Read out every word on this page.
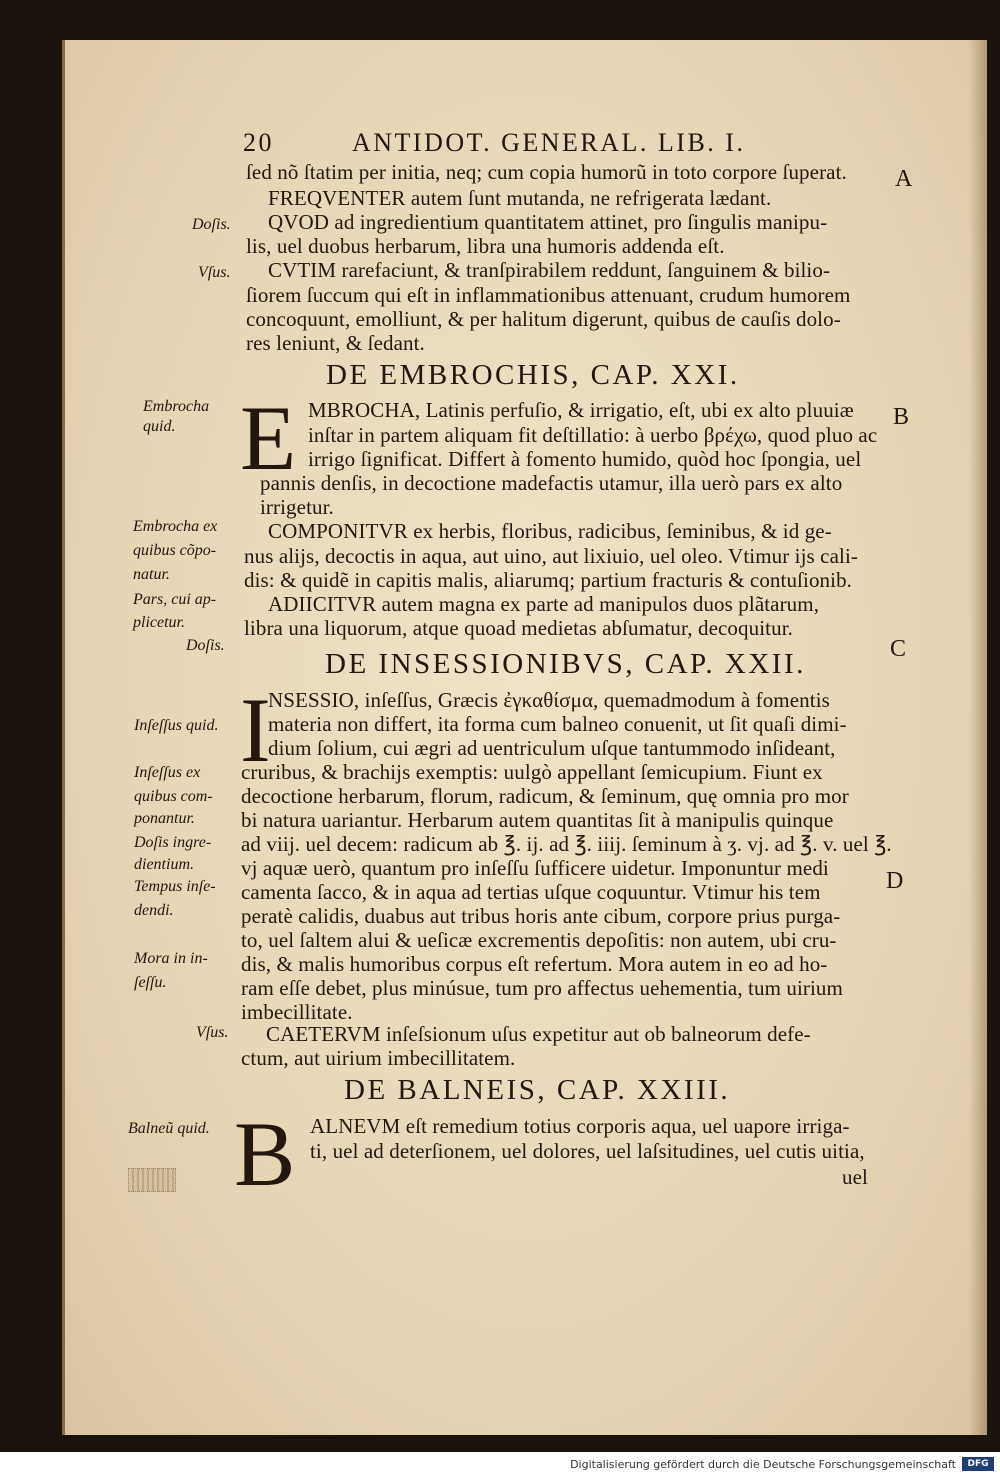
20	ANTIDOT. GENERAL. LIB. I.
A
B
C
D
ſed nõ ſtatim per initia, neq; cum copia humorũ in toto corpore ſuperat.
FREQVENTER autem ſunt mutanda, ne refrigerata lædant.
QVOD ad ingredientium quantitatem attinet, pro ſingulis manipu-
lis, uel duobus herbarum, libra una humoris addenda eſt.
CVTIM rarefaciunt, & tranſpirabilem reddunt, ſanguinem & bilio-
ſiorem ſuccum qui eſt in inflammationibus attenuant, crudum humorem
concoquunt, emolliunt, & per halitum digerunt, quibus de cauſis dolo-
res leniunt, & ſedant.
Doſis.
Vſus.
DE EMBROCHIS, CAP. XXI.
E MBROCHA, Latinis perfuſio, & irrigatio, eſt, ubi ex alto pluuiæ
inſtar in partem aliquam fit deſtillatio: à uerbo βρέχω, quod pluo ac
irrigo ſignificat. Differt à fomento humido, quòd hoc ſpongia, uel
pannis denſis, in decoctione madefactis utamur, illa uerò pars ex alto
irrigetur.
COMPONITVR ex herbis, floribus, radicibus, ſeminibus, & id ge-
nus alijs, decoctis in aqua, aut uino, aut lixiuio, uel oleo. Vtimur ijs cali-
dis: & quidẽ in capitis malis, aliarumq; partium fracturis & contuſionib.
ADIICITVR autem magna ex parte ad manipulos duos plãtarum,
libra una liquorum, atque quoad medietas abſumatur, decoquitur.
Embrocha
quid.
Embrocha ex
quibus cõpo-
natur.
Pars, cui ap-
plicetur.
Doſis.
DE INSESSIONIBVS, CAP. XXII.
I
NSESSIO, inſeſſus, Græcis ἐγκαθίσμα, quemadmodum à fomentis
materia non differt, ita forma cum balneo conuenit, ut ſit quaſi dimi-
dium ſolium, cui ægri ad uentriculum uſque tantummodo inſideant,
cruribus, & brachijs exemptis: uulgò appellant ſemicupium. Fiunt ex
decoctione herbarum, florum, radicum, & ſeminum, quę omnia pro mor
bi natura uariantur. Herbarum autem quantitas ſit à manipulis quinque
ad viij. uel decem: radicum ab ℥. ij. ad ℥. iiij. ſeminum à ʒ. vj. ad ℥. v. uel ℥.
vj aquæ uerò, quantum pro inſeſſu ſufficere uidetur. Imponuntur medi
camenta ſacco, & in aqua ad tertias uſque coquuntur. Vtimur his tem
peratè calidis, duabus aut tribus horis ante cibum, corpore prius purga-
to, uel ſaltem alui & ueſicæ excrementis depoſitis: non autem, ubi cru-
dis, & malis humoribus corpus eſt refertum. Mora autem in eo ad ho-
ram eſſe debet, plus minúsue, tum pro affectus uehementia, tum uirium
imbecillitate.
CAETERVM inſeſsionum uſus expetitur aut ob balneorum defe-
ctum, aut uirium imbecillitatem.
Inſeſſus quid.
Inſeſſus ex
quibus com-
ponantur.
Doſis ingre-
dientium.
Tempus inſe-
dendi.
Mora in in-
ſeſſu.
Vſus.
DE BALNEIS, CAP. XXIII.
B ALNEVM eſt remedium totius corporis aqua, uel uapore irriga-
ti, uel ad deterſionem, uel dolores, uel laſsitudines, uel cutis uitia,
uel
Balneũ quid.
Digitalisierung gefördert durch die Deutsche Forschungsgemeinschaft	DFG
